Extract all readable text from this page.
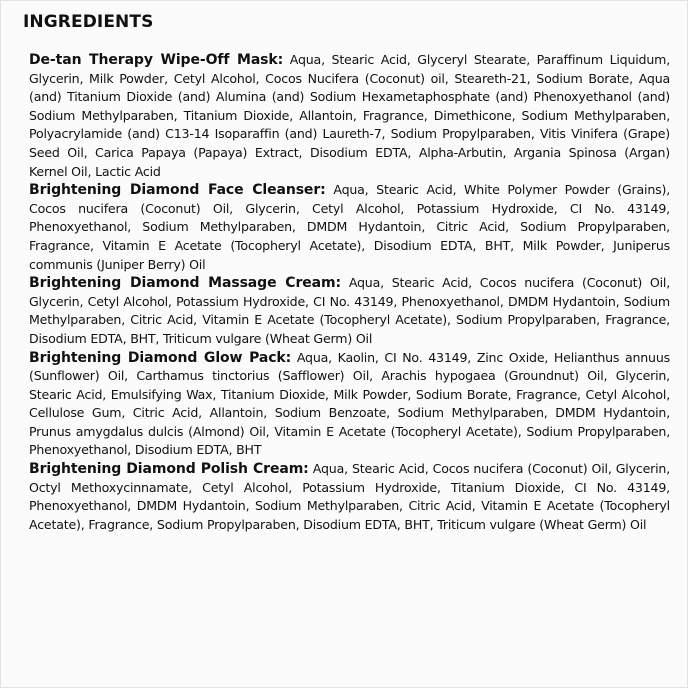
INGREDIENTS

De-tan Therapy Wipe-Off Mask: Aqua, Stearic Acid, Glyceryl Stearate, Paraffinum Liquidum, Glycerin, Milk Powder, Cetyl Alcohol, Cocos Nucifera (Coconut) oil, Steareth-21, Sodium Borate, Aqua (and) Titanium Dioxide (and) Alumina (and) Sodium Hexametaphosphate (and) Phenoxyethanol (and) Sodium Methylparaben, Titanium Dioxide, Allantoin, Fragrance, Dimethicone, Sodium Methylparaben, Polyacrylamide (and) C13-14 Isoparaffin (and) Laureth-7, Sodium Propylparaben, Vitis Vinifera (Grape) Seed Oil, Carica Papaya (Papaya) Extract, Disodium EDTA, Alpha-Arbutin, Argania Spinosa (Argan) Kernel Oil, Lactic Acid

Brightening Diamond Face Cleanser: Aqua, Stearic Acid, White Polymer Powder (Grains), Cocos nucifera (Coconut) Oil, Glycerin, Cetyl Alcohol, Potassium Hydroxide, CI No. 43149, Phenoxyethanol, Sodium Methylparaben, DMDM Hydantoin, Citric Acid, Sodium Propylparaben, Fragrance, Vitamin E Acetate (Tocopheryl Acetate), Disodium EDTA, BHT, Milk Powder, Juniperus communis (Juniper Berry) Oil

Brightening Diamond Massage Cream: Aqua, Stearic Acid, Cocos nucifera (Coconut) Oil, Glycerin, Cetyl Alcohol, Potassium Hydroxide, CI No. 43149, Phenoxyethanol, DMDM Hydantoin, Sodium Methylparaben, Citric Acid, Vitamin E Acetate (Tocopheryl Acetate), Sodium Propylparaben, Fragrance, Disodium EDTA, BHT, Triticum vulgare (Wheat Germ) Oil

Brightening Diamond Glow Pack: Aqua, Kaolin, CI No. 43149, Zinc Oxide, Helianthus annuus (Sunflower) Oil, Carthamus tinctorius (Safflower) Oil, Arachis hypogaea (Groundnut) Oil, Glycerin, Stearic Acid, Emulsifying Wax, Titanium Dioxide, Milk Powder, Sodium Borate, Fragrance, Cetyl Alcohol, Cellulose Gum, Citric Acid, Allantoin, Sodium Benzoate, Sodium Methylparaben, DMDM Hydantoin, Prunus amygdalus dulcis (Almond) Oil, Vitamin E Acetate (Tocopheryl Acetate), Sodium Propylparaben, Phenoxyethanol, Disodium EDTA, BHT

Brightening Diamond Polish Cream: Aqua, Stearic Acid, Cocos nucifera (Coconut) Oil, Glycerin, Octyl Methoxycinnamate, Cetyl Alcohol, Potassium Hydroxide, Titanium Dioxide, CI No. 43149, Phenoxyethanol, DMDM Hydantoin, Sodium Methylparaben, Citric Acid, Vitamin E Acetate (Tocopheryl Acetate), Fragrance, Sodium Propylparaben, Disodium EDTA, BHT, Triticum vulgare (Wheat Germ) Oil
